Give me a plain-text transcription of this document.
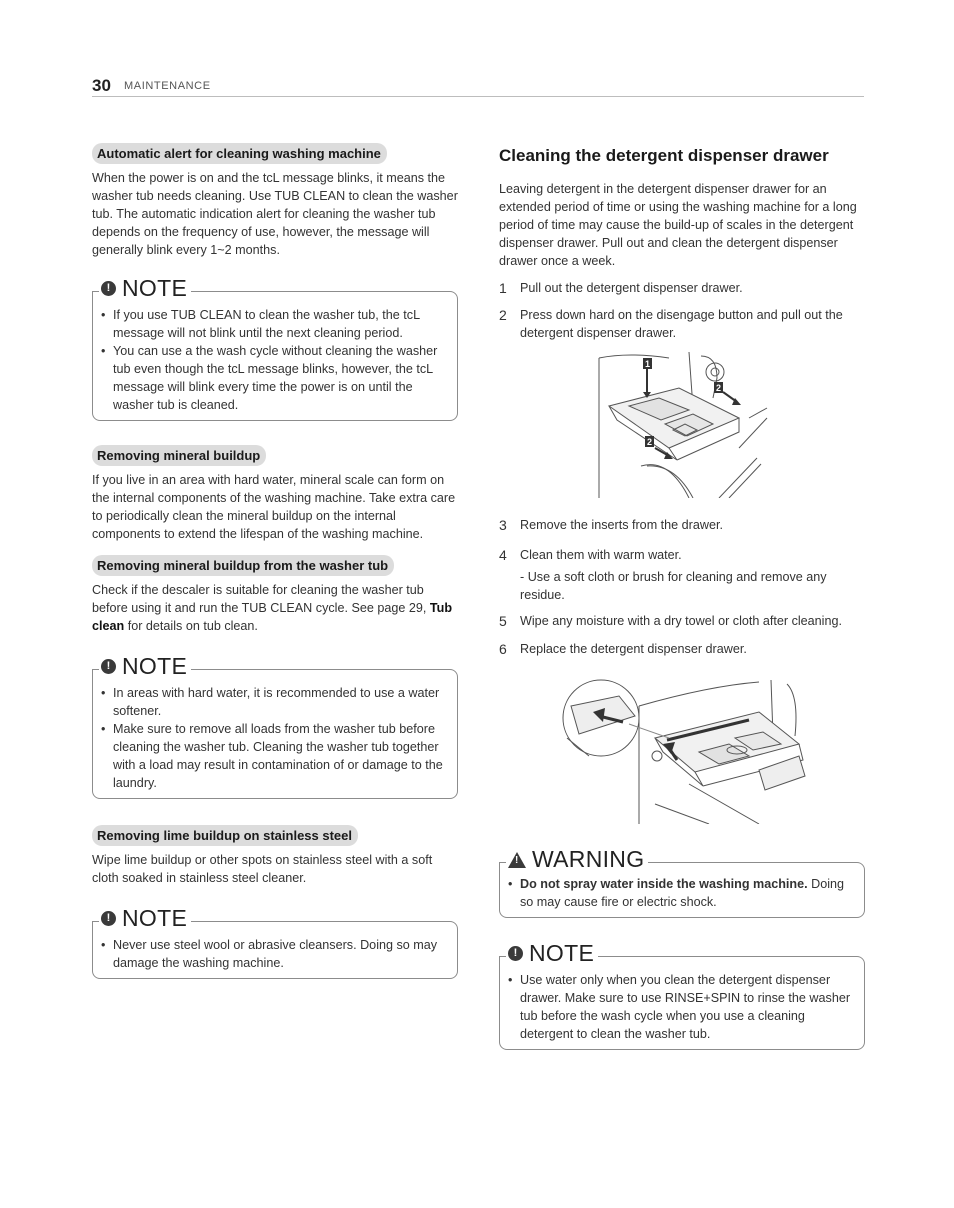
30 MAINTENANCE
Automatic alert for cleaning washing machine

When the power is on and the tcL message blinks, it means the washer tub needs cleaning. Use TUB CLEAN to clean the washer tub. The automatic indication alert for cleaning the washer tub depends on the frequency of use, however, the message will generally blink every 1~2 months.

! NOTE
• If you use TUB CLEAN to clean the washer tub, the tcL message will not blink until the next cleaning period.
• You can use a the wash cycle without cleaning the washer tub even though the tcL message blinks, however, the tcL message will blink every time the power is on until the washer tub is cleaned.
Removing mineral buildup

If you live in an area with hard water, mineral scale can form on the internal components of the washing machine. Take extra care to periodically clean the mineral buildup on the internal components to extend the lifespan of the washing machine.

Removing mineral buildup from the washer tub

Check if the descaler is suitable for cleaning the washer tub before using it and run the TUB CLEAN cycle. See page 29, Tub clean for details on tub clean.

! NOTE
• In areas with hard water, it is recommended to use a water softener.
• Make sure to remove all loads from the washer tub before cleaning the washer tub. Cleaning the washer tub together with a load may result in contamination of or damage to the laundry.
Removing lime buildup on stainless steel

Wipe lime buildup or other spots on stainless steel with a soft cloth soaked in stainless steel cleaner.

! NOTE
• Never use steel wool or abrasive cleansers. Doing so may damage the washing machine.
Cleaning the detergent dispenser drawer

Leaving detergent in the detergent dispenser drawer for an extended period of time or using the washing machine for a long period of time may cause the build-up of scales in the detergent dispenser drawer. Pull out and clean the detergent dispenser drawer once a week.

1	Pull out the detergent dispenser drawer.
2	Press down hard on the disengage button and pull out the detergent dispenser drawer.
1
2
2
3	Remove the inserts from the drawer.
4	Clean them with warm water.
- Use a soft cloth or brush for cleaning and remove any residue.
5	Wipe any moisture with a dry towel or cloth after cleaning.
6	Replace the detergent dispenser drawer.
! WARNING
• Do not spray water inside the washing machine. Doing so may cause fire or electric shock.
! NOTE
• Use water only when you clean the detergent dispenser drawer. Make sure to use RINSE+SPIN to rinse the washer tub before the wash cycle when you use a cleaning detergent to clean the washer tub.
